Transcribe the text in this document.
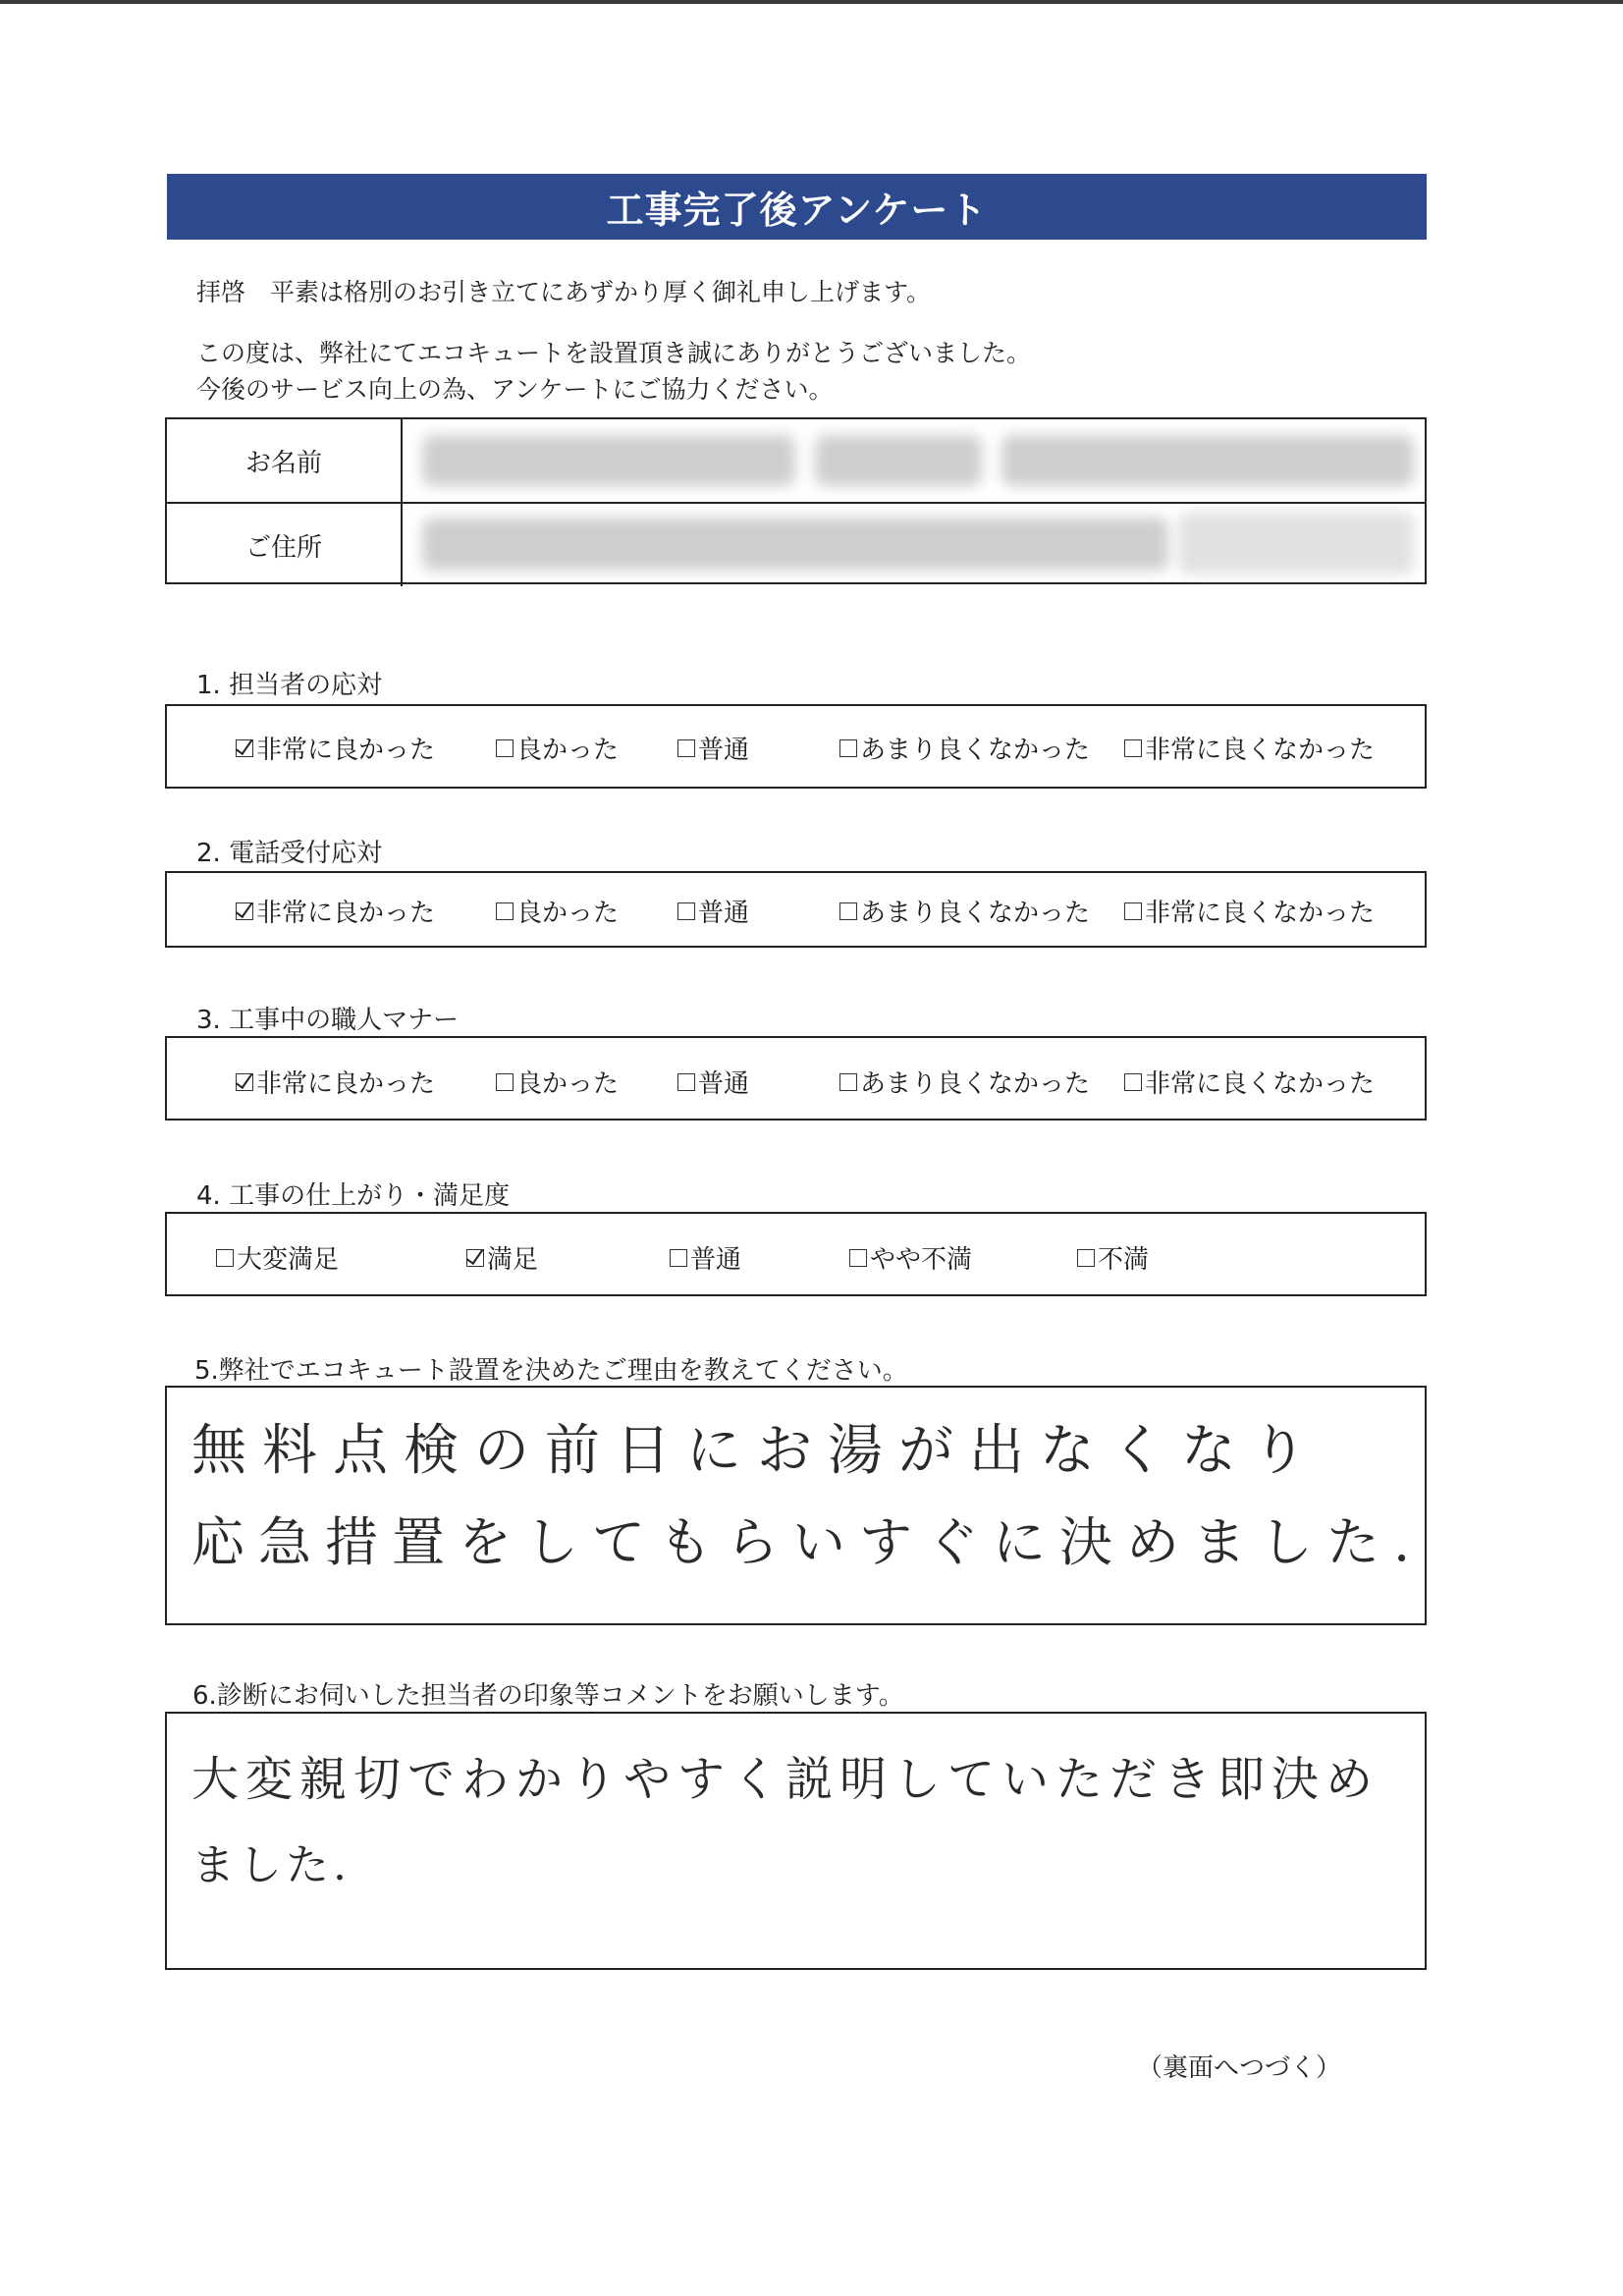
工事完了後アンケート
拝啓　平素は格別のお引き立てにあずかり厚く御礼申し上げます。
この度は、弊社にてエコキュートを設置頂き誠にありがとうございました。
今後のサービス向上の為、アンケートにご協力ください。
お名前
ご住所
1. 担当者の応対
非常に良かった	良かった	普通	あまり良くなかった 非常に良くなかった
2. 電話受付応対
非常に良かった	良かった	普通	あまり良くなかった 非常に良くなかった
3. 工事中の職人マナー
非常に良かった	良かった	普通	あまり良くなかった 非常に良くなかった
4. 工事の仕上がり・満足度
大変満足	満足	普通	やや不満	不満
5.弊社でエコキュート設置を決めたご理由を教えてください。
無料点検の前日にお湯が出なくなり
応急措置をしてもらいすぐに決めました.
6.診断にお伺いした担当者の印象等コメントをお願いします。
大変親切でわかりやすく説明していただき即決め
ました.
（裏面へつづく）
